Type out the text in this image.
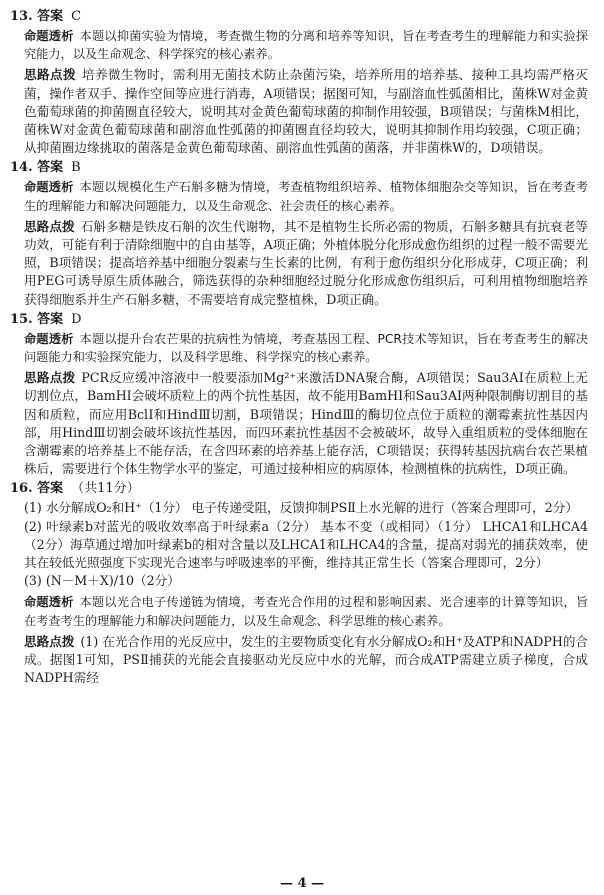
13. 答案 C

命题透析 本题以抑菌实验为情境，考查微生物的分离和培养等知识，旨在考查考生的理解能力和实验探究能力，以及生命观念、科学探究的核心素养。

思路点拨 培养微生物时，需利用无菌技术防止杂菌污染，培养所用的培养基、接种工具均需严格灭菌，操作者双手、操作空间等应进行消毒，A项错误；据图可知，与副溶血性弧菌相比，菌株W对金黄色葡萄球菌的抑菌圈直径较大，说明其对金黄色葡萄球菌的抑制作用较强，B项错误；与菌株M相比，菌株W对金黄色葡萄球菌和副溶血性弧菌的抑菌圈直径均较大，说明其抑制作用均较强，C项正确；从抑菌圈边缘挑取的菌落是金黄色葡萄球菌、副溶血性弧菌的菌落，并非菌株W的，D项错误。

14. 答案 B

命题透析 本题以规模化生产石斛多糖为情境，考查植物组织培养、植物体细胞杂交等知识，旨在考查考生的理解能力和解决问题能力，以及生命观念、社会责任的核心素养。

思路点拨 石斛多糖是铁皮石斛的次生代谢物，其不是植物生长所必需的物质，石斛多糖具有抗衰老等功效，可能有利于清除细胞中的自由基等，A项正确；外植体脱分化形成愈伤组织的过程一般不需要光照，B项错误；提高培养基中细胞分裂素与生长素的比例，有利于愈伤组织分化形成芽，C项正确；利用PEG可诱导原生质体融合，筛选获得的杂种细胞经过脱分化形成愈伤组织后，可利用植物细胞培养获得细胞系并生产石斛多糖，不需要培育成完整植株，D项正确。

15. 答案 D

命题透析 本题以提升台农芒果的抗病性为情境，考查基因工程、PCR技术等知识，旨在考查考生的解决问题能力和实验探究能力，以及科学思维、科学探究的核心素养。

思路点拨 PCR反应缓冲溶液中一般要添加Mg²⁺来激活DNA聚合酶，A项错误；Sau3AⅠ在质粒上无切割位点，BamHⅠ会破坏质粒上的两个抗性基因，故不能用BamHⅠ和Sau3AⅠ两种限制酶切割目的基因和质粒，而应用BclⅠ和HindⅢ切割，B项错误；HindⅢ的酶切位点位于质粒的潮霉素抗性基因内部，用HindⅢ切割会破坏该抗性基因，而四环素抗性基因不会被破坏，故导入重组质粒的受体细胞在含潮霉素的培养基上不能存活，在含四环素的培养基上能存活，C项错误；获得转基因抗病台农芒果植株后，需要进行个体生物学水平的鉴定，可通过接种相应的病原体，检测植株的抗病性，D项正确。

16. 答案 （共11分）

(1) 水分解成O₂和H⁺（1分） 电子传递受阻，反馈抑制PSⅡ上水光解的进行（答案合理即可，2分）

(2) 叶绿素b对蓝光的吸收效率高于叶绿素a（2分） 基本不变（或相同）（1分） LHCA1和LHCA4（2分）海草通过增加叶绿素b的相对含量以及LHCA1和LHCA4的含量，提高对弱光的捕获效率，使其在较低光照强度下实现光合速率与呼吸速率的平衡，维持其正常生长（答案合理即可，2分）

(3) (N－M＋X)/10（2分）

命题透析 本题以光合电子传递链为情境，考查光合作用的过程和影响因素、光合速率的计算等知识，旨在考查考生的理解能力和解决问题能力，以及生命观念、科学思维的核心素养。

思路点拨 (1) 在光合作用的光反应中，发生的主要物质变化有水分解成O₂和H⁺及ATP和NADPH的合成。据图1可知，PSⅡ捕获的光能会直接驱动光反应中水的光解，而合成ATP需建立质子梯度，合成NADPH需经

— 4 —
